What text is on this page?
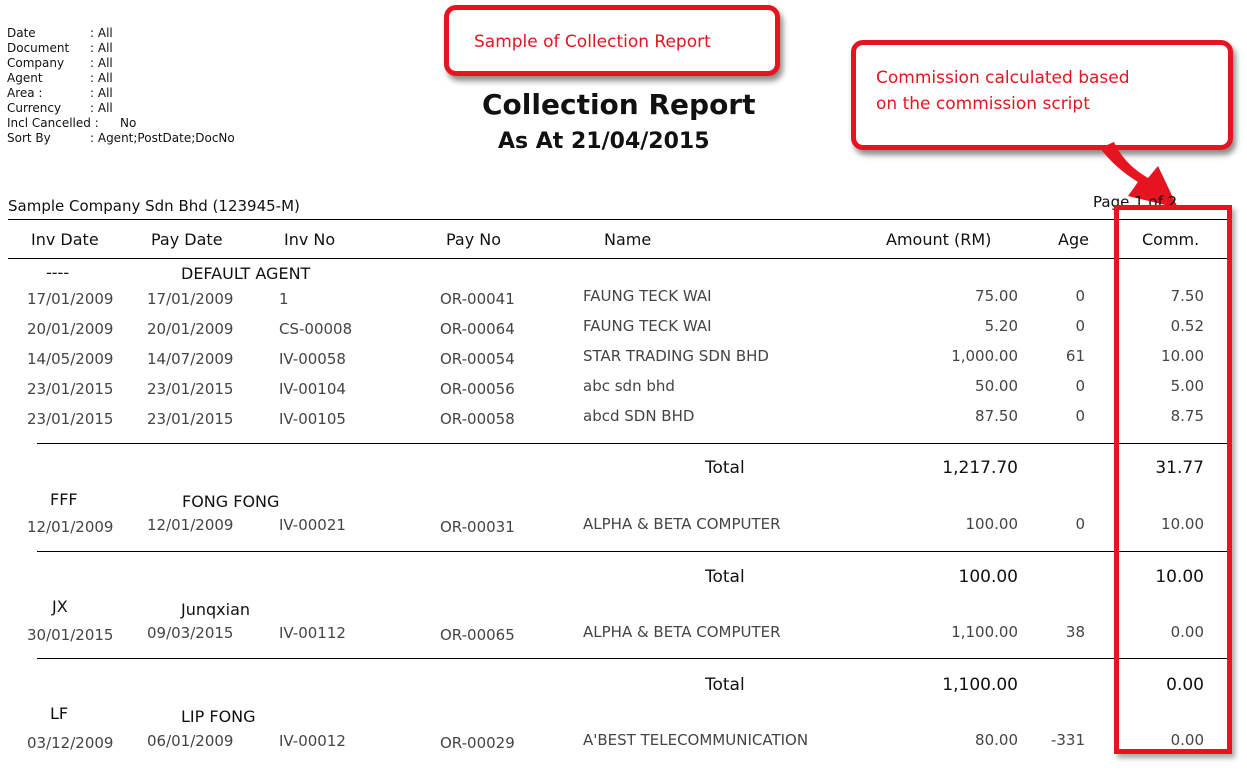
Date	: All
Document : All
Company : All
Agent	: All
Area :	: All
Currency : All
Incl Cancelled : No
Sort By	: Agent;PostDate;DocNo
Sample of Collection Report
Commission calculated based
on the commission script
Collection Report
As At 21/04/2015
Sample Company Sdn Bhd (123945-M)	Page 1 of 2
Inv Date	Pay Date	Inv No	Pay No	Name	Amount (RM)	Age	Comm.
----	DEFAULT AGENT
17/01/2009 17/01/2009	1	OR-00041	FAUNG TECK WAI	75.00	0	7.50
20/01/2009 20/01/2009	CS-00008	OR-00064	FAUNG TECK WAI	5.20	0	0.52
14/05/2009 14/07/2009	IV-00058	OR-00054	STAR TRADING SDN BHD	1,000.00	61	10.00
23/01/2015 23/01/2015	IV-00104	OR-00056	abc sdn bhd	50.00	0	5.00
23/01/2015 23/01/2015	IV-00105	OR-00058	abcd SDN BHD	87.50	0	8.75
Total	1,217.70	31.77
FFF	FONG FONG
12/01/2009 12/01/2009	IV-00021	OR-00031	ALPHA & BETA COMPUTER	100.00	0	10.00
Total	100.00	10.00
JX	Junqxian
30/01/2015 09/03/2015	IV-00112	OR-00065	ALPHA & BETA COMPUTER	1,100.00	38	0.00
Total	1,100.00	0.00
LF	LIP FONG
03/12/2009 06/01/2009	IV-00012	OR-00029	A'BEST TELECOMMUNICATION	80.00 -331	0.00
